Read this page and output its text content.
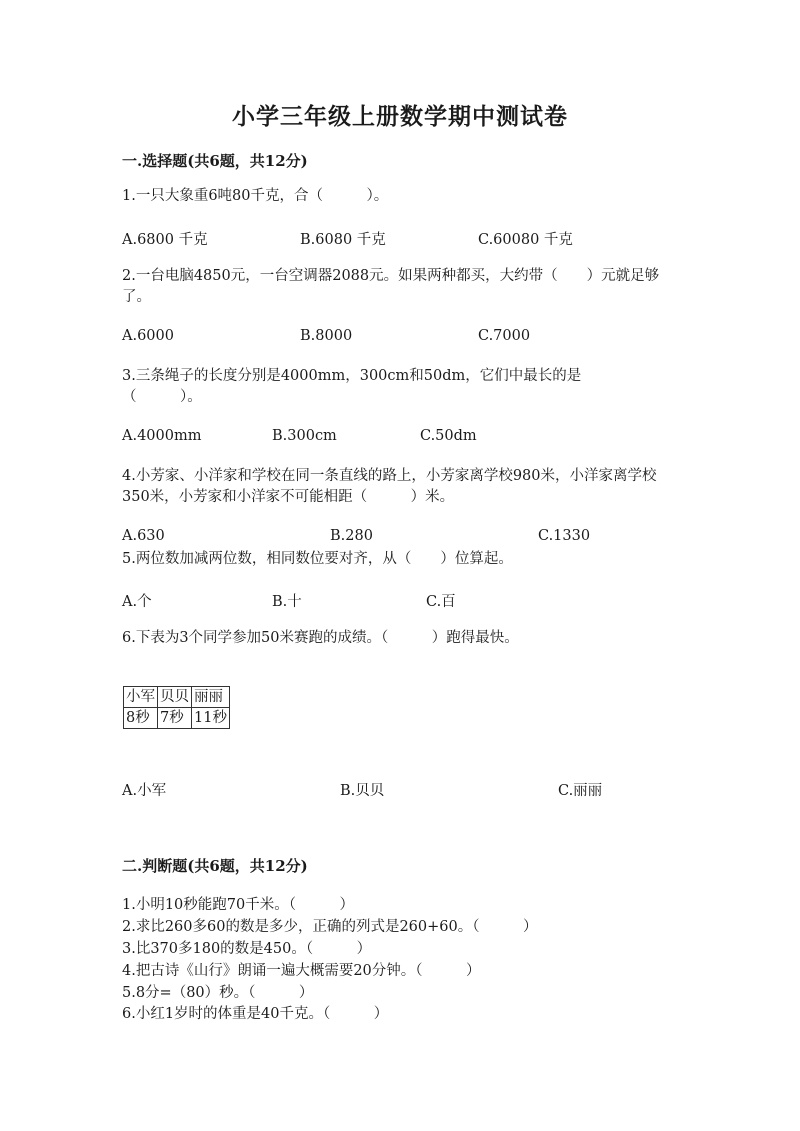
小学三年级上册数学期中测试卷
一.选择题(共6题，共12分)
1.一只大象重6吨80千克，合（　　　）。
A.6800 千克	B.6080 千克	C.60080 千克
2.一台电脑4850元，一台空调器2088元。如果两种都买，大约带（　　）元就足够了。
A.6000	B.8000	C.7000
3.三条绳子的长度分别是4000mm，300cm和50dm，它们中最长的是（　　　）。
A.4000mm	B.300cm	C.50dm
4.小芳家、小洋家和学校在同一条直线的路上，小芳家离学校980米，小洋家离学校350米，小芳家和小洋家不可能相距（　　　）米。
A.630	B.280	C.1330
5.两位数加减两位数，相同数位要对齐，从（　　）位算起。
A.个	B.十	C.百
6.下表为3个同学参加50米赛跑的成绩。（　　　）跑得最快。
小军	贝贝	丽丽
8秒	7秒	11秒
A.小军	B.贝贝	C.丽丽
二.判断题(共6题，共12分)
1.小明10秒能跑70千米。（　　　）
2.求比260多60的数是多少，正确的列式是260+60。（　　　）
3.比370多180的数是450。（　　　）
4.把古诗《山行》朗诵一遍大概需要20分钟。（　　　）
5.8分=（80）秒。（　　　）
6.小红1岁时的体重是40千克。（　　　）
